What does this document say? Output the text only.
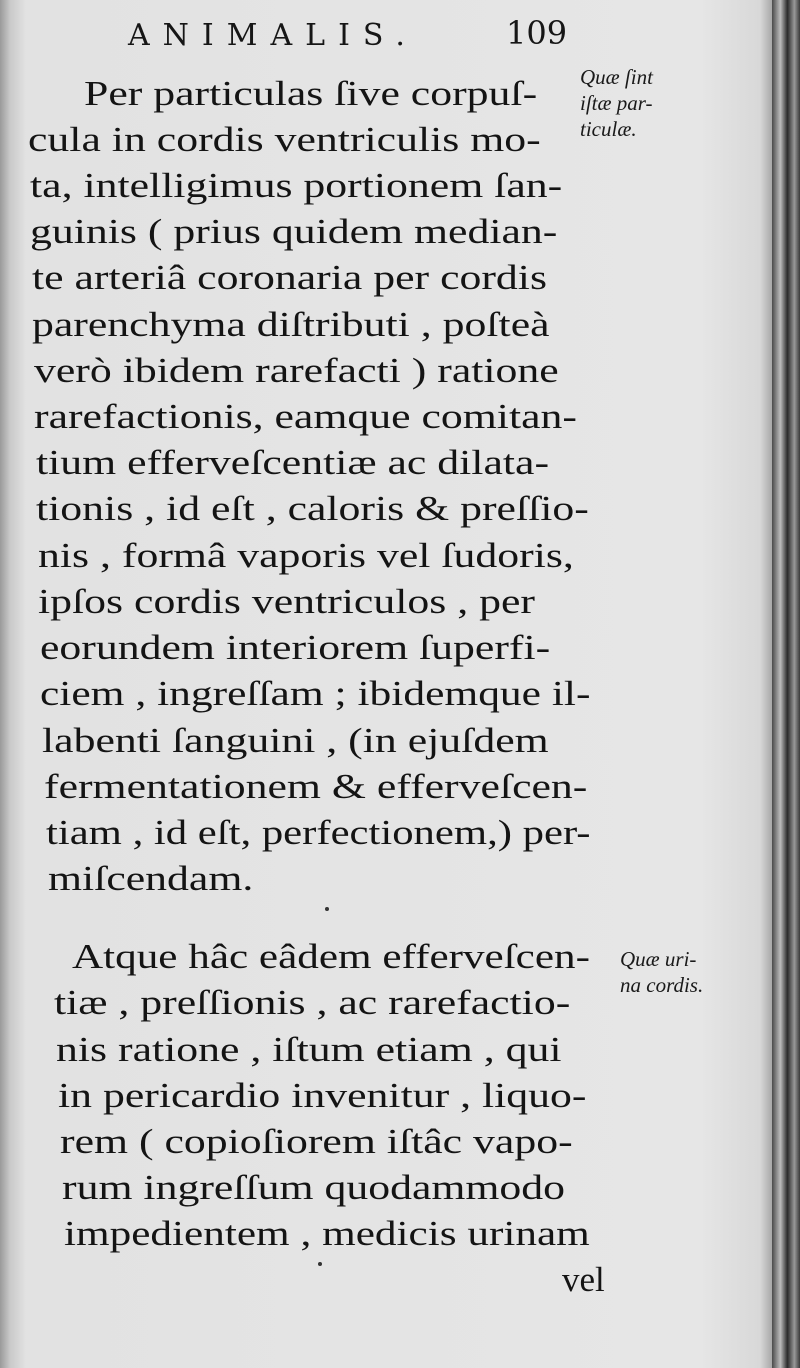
ANIMALIS.	109

Per particulas ſive corpuſ-

cula in cordis ventriculis mo-

ta, intelligimus portionem ſan-

guinis ( prius quidem median-

te arteriâ coronaria per cordis

parenchyma diſtributi , poſteà

verò ibidem rarefacti ) ratione

rarefactionis, eamque comitan-

tium efferveſcentiæ ac dilata-

tionis , id eſt , caloris & preſſio-

nis , formâ vaporis vel ſudoris,

ipſos cordis ventriculos , per

eorundem interiorem ſuperfi-

ciem , ingreſſam ; ibidemque il-

labenti ſanguini , (in ejuſdem

fermentationem & efferveſcen-

tiam , id eſt, perfectionem,) per-

miſcendam.

Atque hâc eâdem efferveſcen-

tiæ , preſſionis , ac rarefactio-

nis ratione , iſtum etiam , qui

in pericardio invenitur , liquo-

rem ( copioſiorem iſtâc vapo-

rum ingreſſum quodammodo

impedientem , medicis urinam

vel

Quæ ſint

iſtæ par-

ticulæ.

Quæ uri-

na cordis.
